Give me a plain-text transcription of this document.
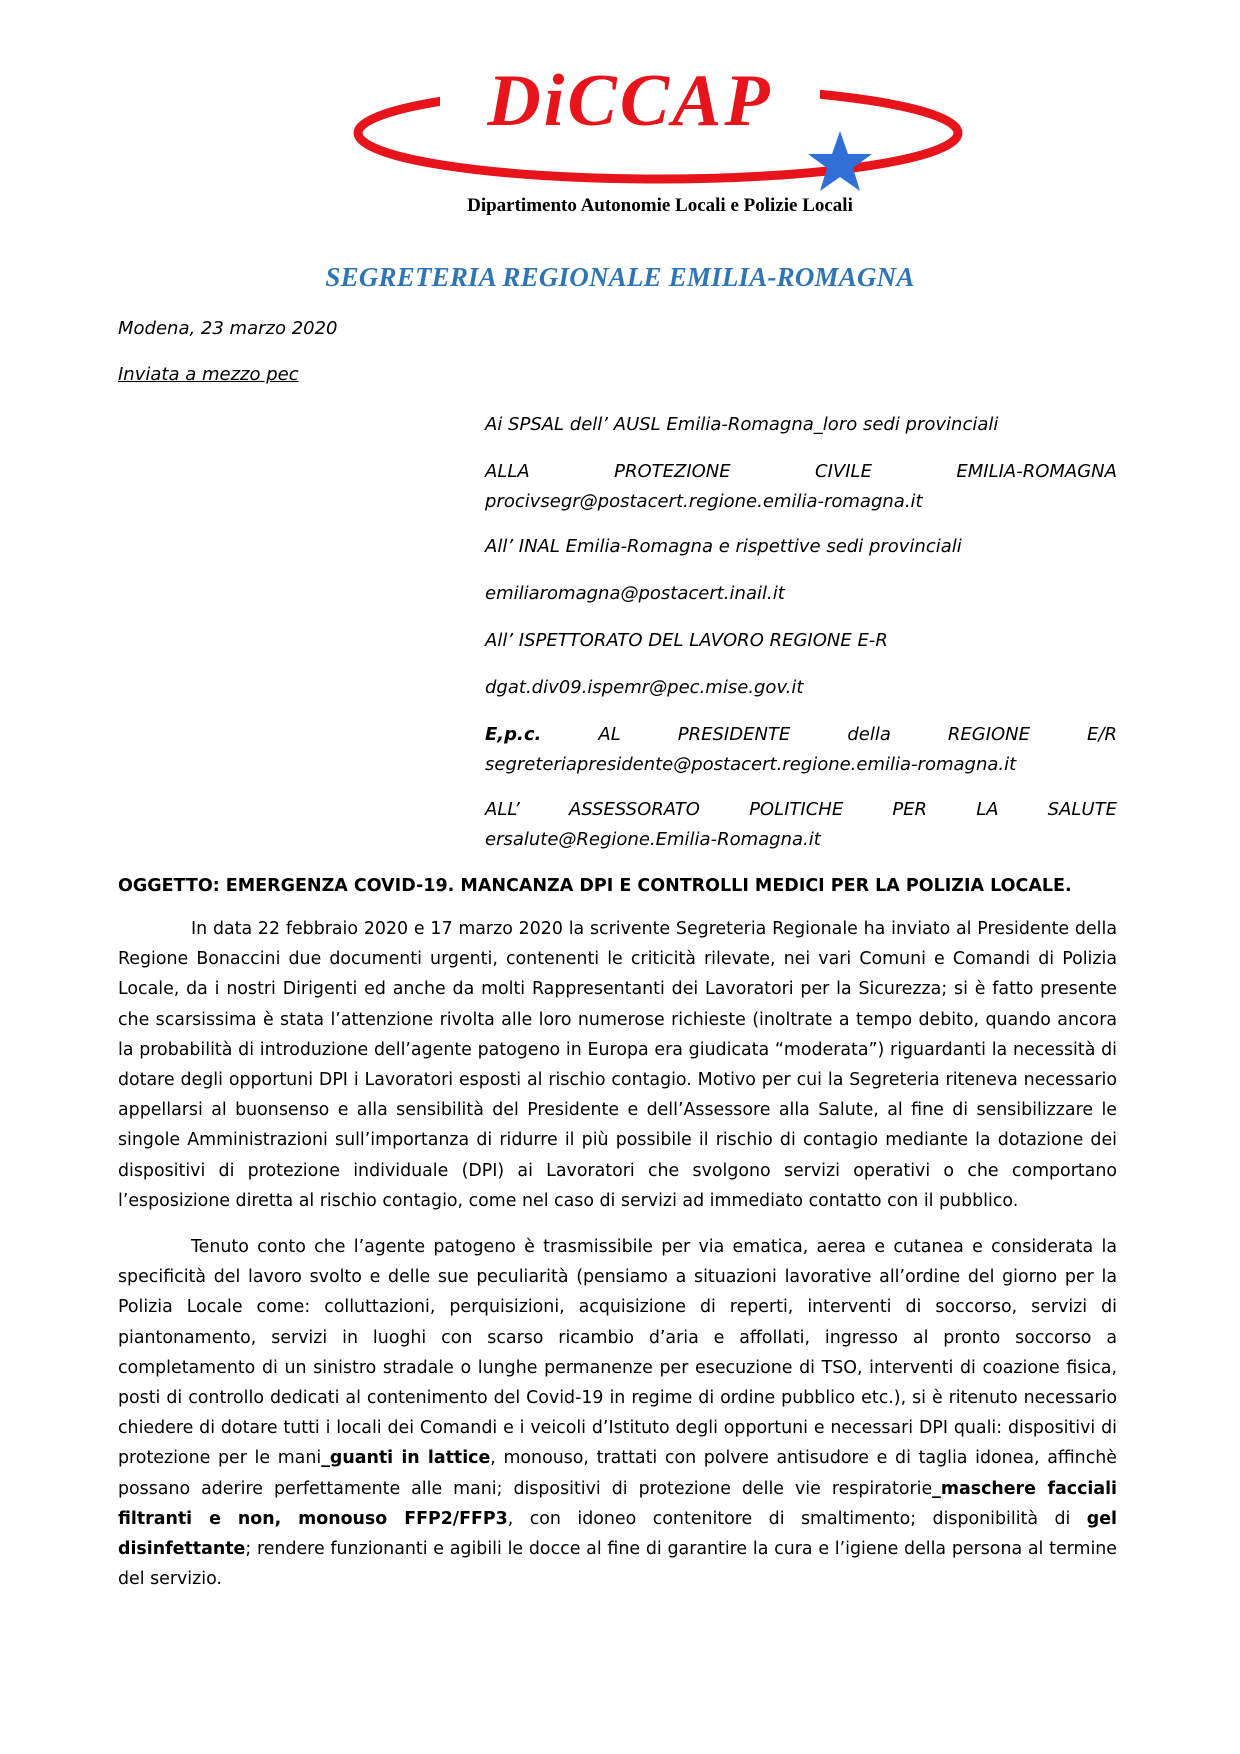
DiCCAP
Dipartimento Autonomie Locali e Polizie Locali
SEGRETERIA REGIONALE EMILIA-ROMAGNA
Modena, 23 marzo 2020
Inviata a mezzo pec
Ai SPSAL dell’ AUSL Emilia-Romagna_loro sedi provinciali
ALLA	PROTEZIONE	CIVILE	EMILIA-ROMAGNA
procivsegr@postacert.regione.emilia-romagna.it
All’ INAL Emilia-Romagna e rispettive sedi provinciali
emiliaromagna@postacert.inail.it
All’ ISPETTORATO DEL LAVORO REGIONE E-R
dgat.div09.ispemr@pec.mise.gov.it
E,p.c.	AL	PRESIDENTE	della	REGIONE	E/R
segreteriapresidente@postacert.regione.emilia-romagna.it
ALL’	ASSESSORATO	POLITICHE	PER	LA	SALUTE
ersalute@Regione.Emilia-Romagna.it
OGGETTO: EMERGENZA COVID-19. MANCANZA DPI E CONTROLLI MEDICI PER LA POLIZIA LOCALE.

In data 22 febbraio 2020 e 17 marzo 2020 la scrivente Segreteria Regionale ha inviato al Presidente della Regione Bonaccini due documenti urgenti, contenenti le criticità rilevate, nei vari Comuni e Comandi di Polizia Locale, da i nostri Dirigenti ed anche da molti Rappresentanti dei Lavoratori per la Sicurezza; si è fatto presente che scarsissima è stata l’attenzione rivolta alle loro numerose richieste (inoltrate a tempo debito, quando ancora la probabilità di introduzione dell’agente patogeno in Europa era giudicata “moderata”) riguardanti la necessità di dotare degli opportuni DPI i Lavoratori esposti al rischio contagio. Motivo per cui la Segreteria riteneva necessario appellarsi al buonsenso e alla sensibilità del Presidente e dell’Assessore alla Salute, al fine di sensibilizzare le singole Amministrazioni sull’importanza di ridurre il più possibile il rischio di contagio mediante la dotazione dei dispositivi di protezione individuale (DPI) ai Lavoratori che svolgono servizi operativi o che comportano l’esposizione diretta al rischio contagio, come nel caso di servizi ad immediato contatto con il pubblico.

Tenuto conto che l’agente patogeno è trasmissibile per via ematica, aerea e cutanea e considerata la specificità del lavoro svolto e delle sue peculiarità (pensiamo a situazioni lavorative all’ordine del giorno per la Polizia Locale come: colluttazioni, perquisizioni, acquisizione di reperti, interventi di soccorso, servizi di piantonamento, servizi in luoghi con scarso ricambio d’aria e affollati, ingresso al pronto soccorso a completamento di un sinistro stradale o lunghe permanenze per esecuzione di TSO, interventi di coazione fisica, posti di controllo dedicati al contenimento del Covid-19 in regime di ordine pubblico etc.), si è ritenuto necessario chiedere di dotare tutti i locali dei Comandi e i veicoli d’Istituto degli opportuni e necessari DPI quali: dispositivi di protezione per le mani_guanti in lattice, monouso, trattati con polvere antisudore e di taglia idonea, affinchè possano aderire perfettamente alle mani; dispositivi di protezione delle vie respiratorie_maschere facciali filtranti e non, monouso FFP2/FFP3, con idoneo contenitore di smaltimento; disponibilità di gel disinfettante; rendere funzionanti e agibili le docce al fine di garantire la cura e l’igiene della persona al termine del servizio.
